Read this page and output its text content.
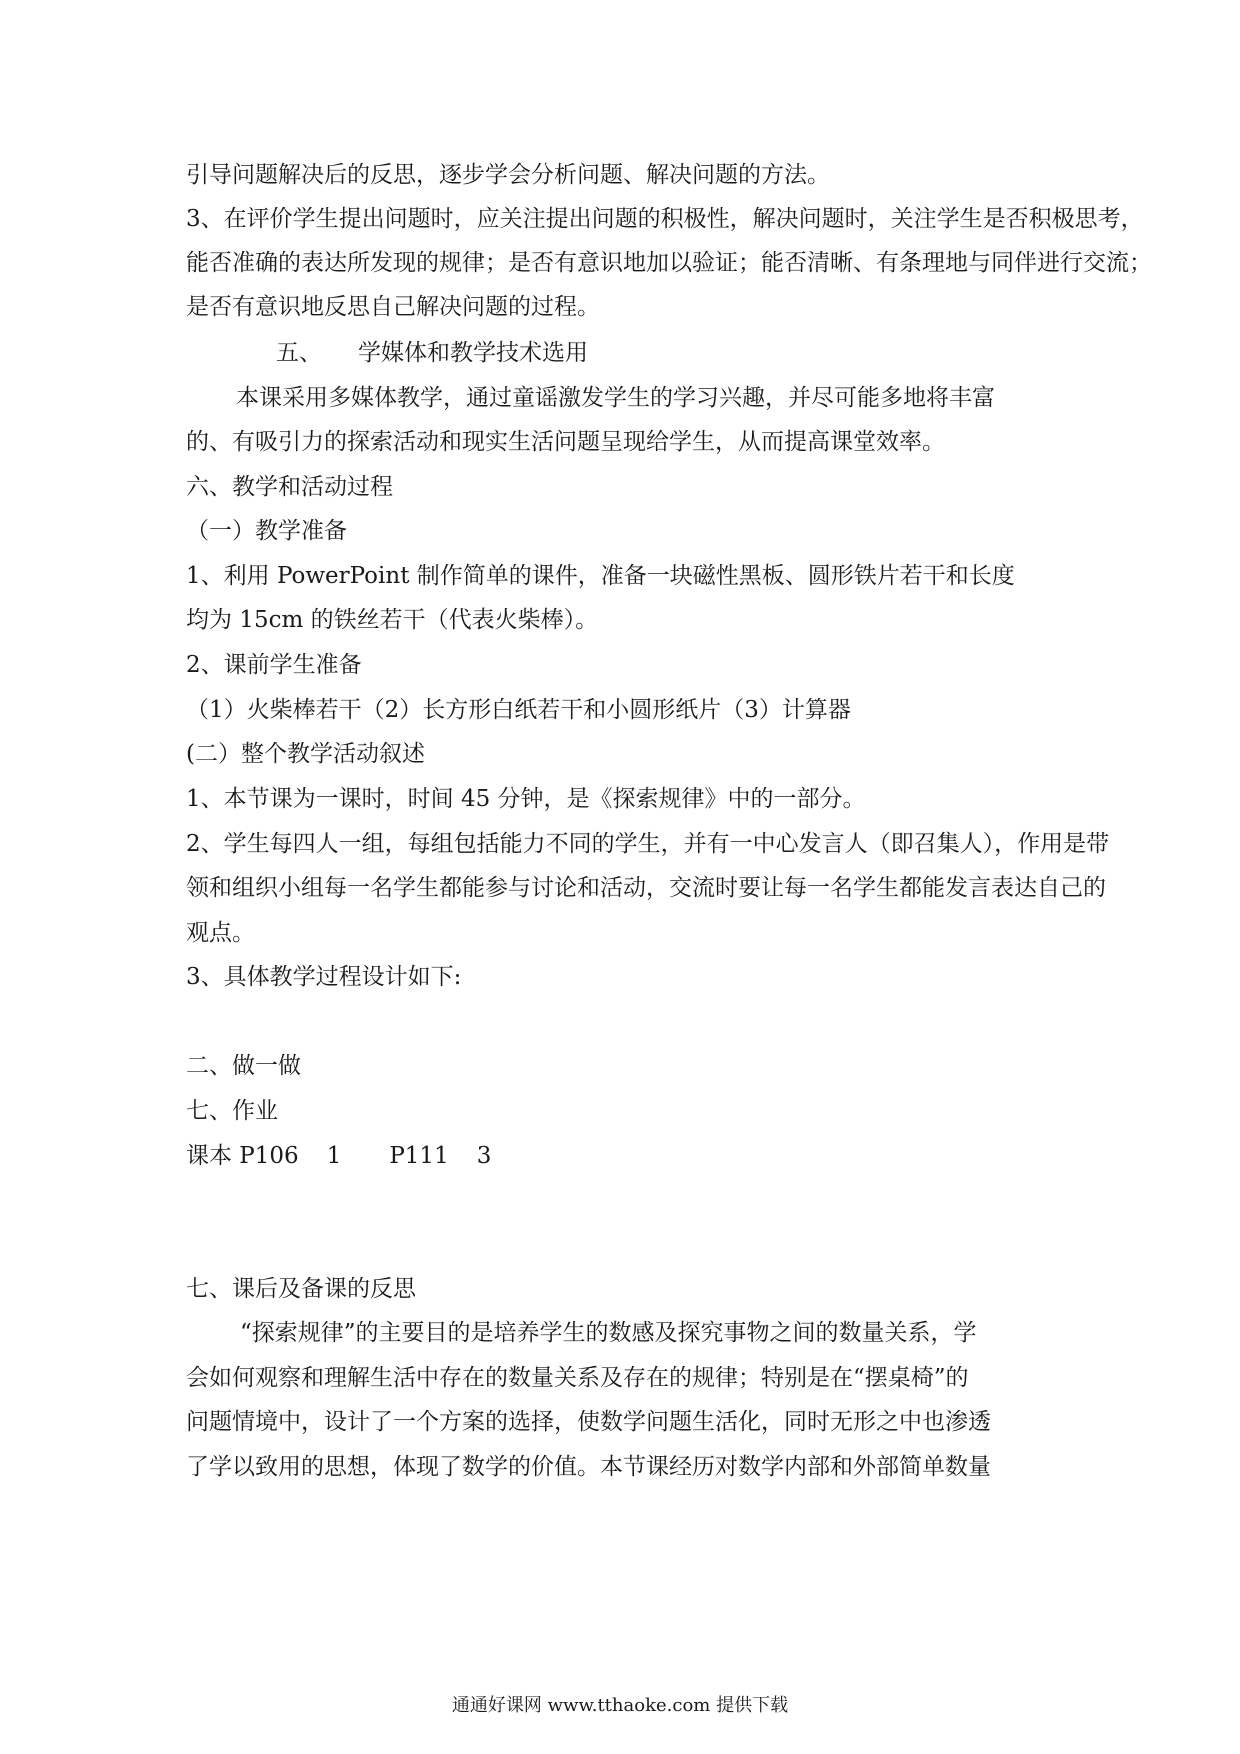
引导问题解决后的反思，逐步学会分析问题、解决问题的方法。
3、在评价学生提出问题时，应关注提出问题的积极性，解决问题时，关注学生是否积极思考，
能否准确的表达所发现的规律；是否有意识地加以验证；能否清晰、有条理地与同伴进行交流；
是否有意识地反思自己解决问题的过程。
五、 学媒体和教学技术选用
本课采用多媒体教学，通过童谣激发学生的学习兴趣，并尽可能多地将丰富
的、有吸引力的探索活动和现实生活问题呈现给学生，从而提高课堂效率。
六、教学和活动过程
（一）教学准备
1、利用 PowerPoint 制作简单的课件，准备一块磁性黑板、圆形铁片若干和长度
均为 15cm 的铁丝若干（代表火柴棒）。
2、课前学生准备
（1）火柴棒若干（2）长方形白纸若干和小圆形纸片（3）计算器
(二）整个教学活动叙述
1、本节课为一课时，时间 45 分钟，是《探索规律》中的一部分。
2、学生每四人一组，每组包括能力不同的学生，并有一中心发言人（即召集人），作用是带
领和组织小组每一名学生都能参与讨论和活动，交流时要让每一名学生都能发言表达自己的
观点。
3、具体教学过程设计如下:
二、做一做
七、作业
课本 P106 1 P111 3
七、课后及备课的反思
“探索规律”的主要目的是培养学生的数感及探究事物之间的数量关系，学
会如何观察和理解生活中存在的数量关系及存在的规律；特别是在“摆桌椅”的
问题情境中，设计了一个方案的选择，使数学问题生活化，同时无形之中也渗透
了学以致用的思想，体现了数学的价值。本节课经历对数学内部和外部简单数量
通通好课网 www.tthaoke.com 提供下载
